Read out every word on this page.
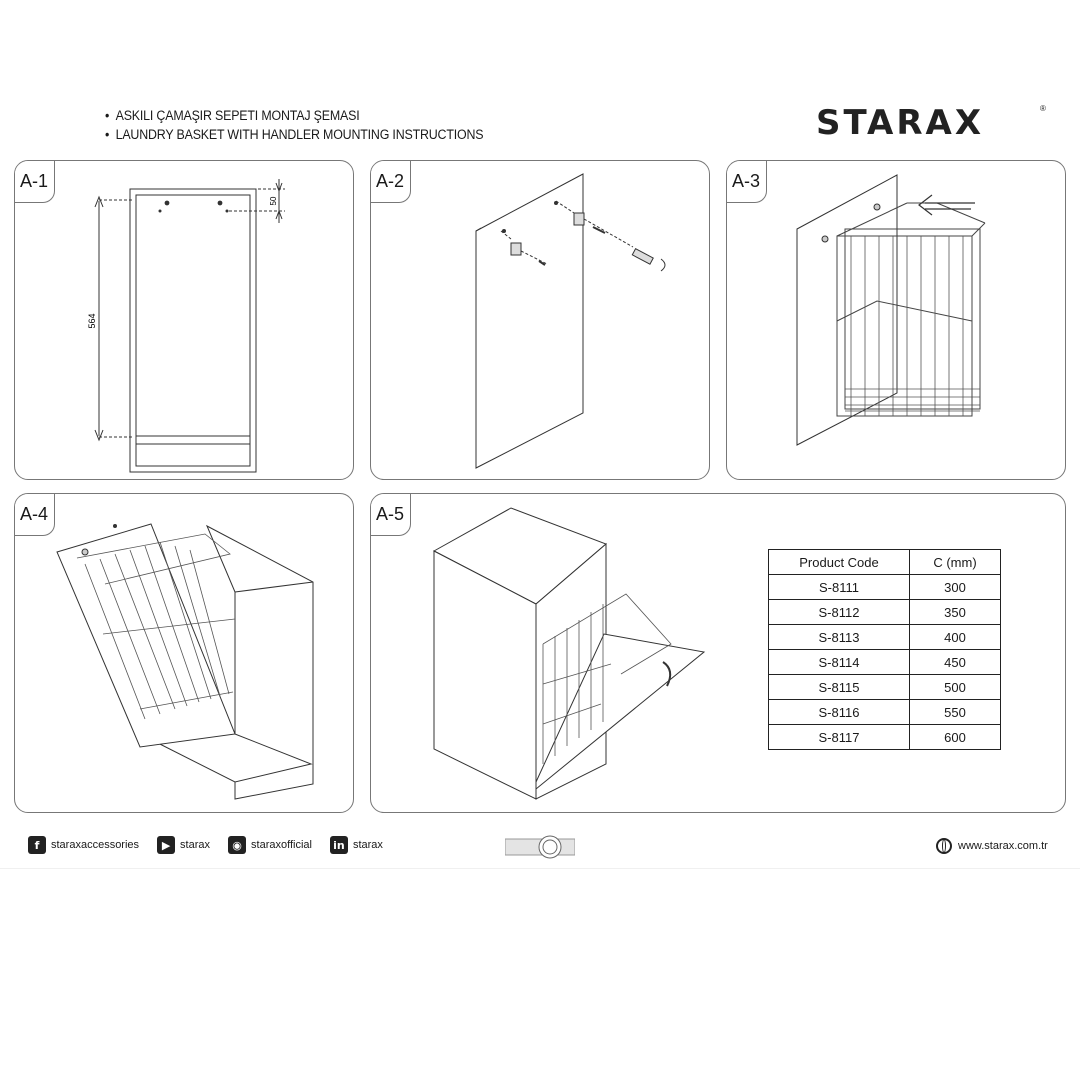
• ASKILI ÇAMAŞIR SEPETI MONTAJ ŞEMASI
• LAUNDRY BASKET WITH HANDLER MOUNTING INSTRUCTIONS	STARAX	®
564
50
A-1	A-2	A-3
A-4	A-5
Product Code	C (mm)
S-8111	300
S-8112	350
S-8113	400
S-8114	450
S-8115	500
S-8116	550
S-8117	600
f	staraxaccessories	▶ starax	◉ staraxofficial in starax	www.starax.com.tr
